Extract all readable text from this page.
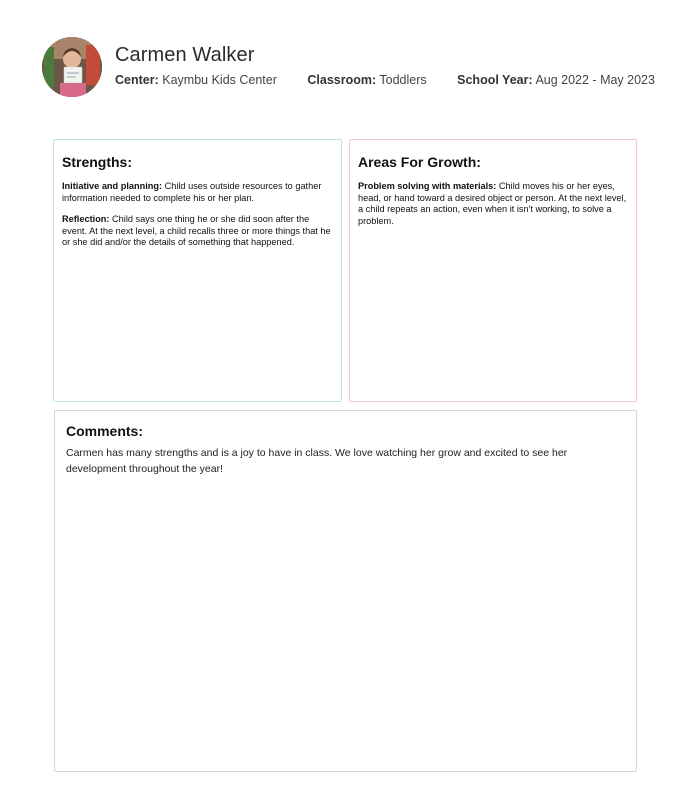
Carmen Walker
Center: Kaymbu Kids Center Classroom: Toddlers School Year: Aug 2022 - May 2023
Strengths:

Initiative and planning: Child uses outside resources to gather information needed to complete his or her plan.

Reflection: Child says one thing he or she did soon after the event. At the next level, a child recalls three or more things that he or she did and/or the details of something that happened.

Areas For Growth:

Problem solving with materials: Child moves his or her eyes, head, or hand toward a desired object or person. At the next level, a child repeats an action, even when it isn't working, to solve a problem.

Comments:

Carmen has many strengths and is a joy to have in class. We love watching her grow and excited to see her development throughout the year!
